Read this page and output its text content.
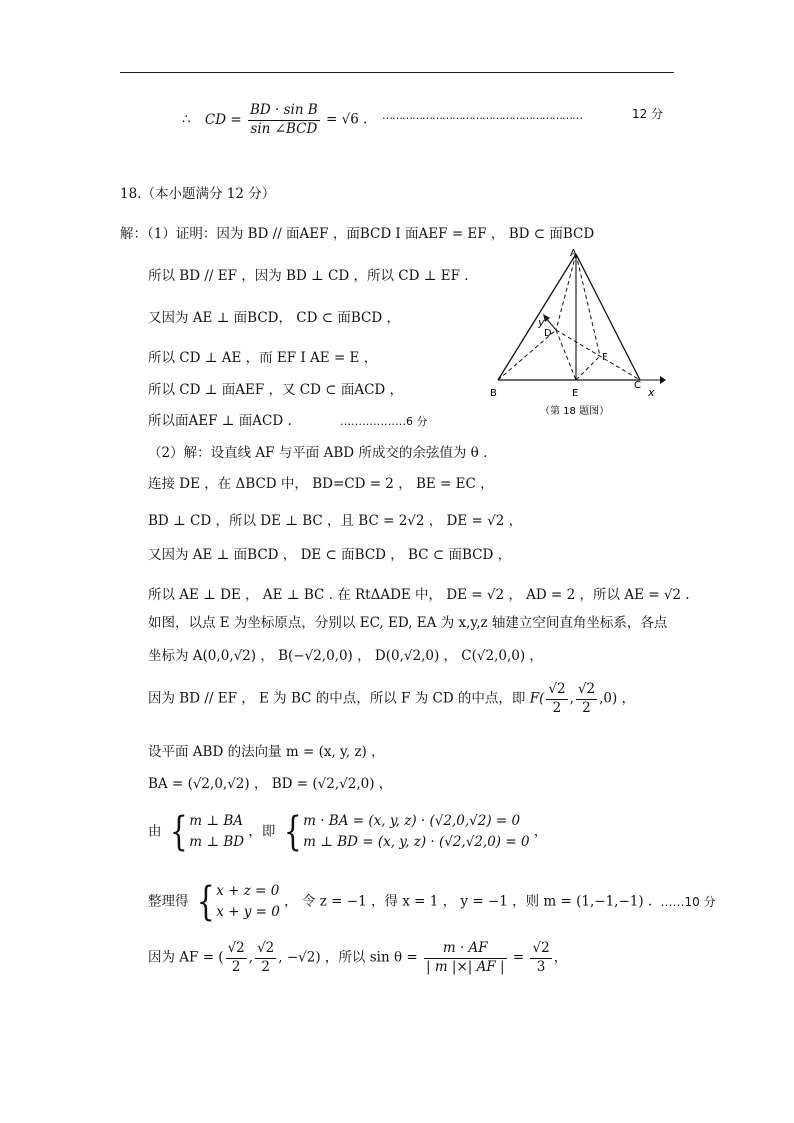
∴ CD = $\frac{\text{BD · sin B}}{\text{sin ∠BCD}} = √6$ . ……………………………………………………	12 分
18.（本小题满分 12 分）
解：（1）证明：因为 BD // 面AEF ，面BCD I 面AEF = EF ， BD ⊂ 面BCD
所以 BD // EF ，因为 BD ⊥ CD ，所以 CD ⊥ EF .
又因为 AE ⊥ 面BCD， CD ⊂ 面BCD ，
所以 CD ⊥ AE ，而 EF I AE = E ，
所以 CD ⊥ 面AEF ，又 CD ⊂ 面ACD ，
所以面AEF ⊥ 面ACD .	………………6 分
A
B
C
D
E
F
x
y
（第 18 题图）
（2）解：设直线 AF 与平面 ABD 所成交的余弦值为 θ .
连接 DE ，在 ΔBCD 中， BD=CD = 2 ， BE = EC ，
BD ⊥ CD ，所以 DE ⊥ BC ，且 BC = 2√2 ， DE = √2 ，
又因为 AE ⊥ 面BCD ， DE ⊂ 面BCD ， BC ⊂ 面BCD ，
所以 AE ⊥ DE ， AE ⊥ BC . 在 RtΔADE 中， DE = √2 ， AD = 2 ，所以 AE = √2 .
如图，以点 E 为坐标原点，分别以 EC, ED, EA 为 x,y,z 轴建立空间直角坐标系，各点
坐标为 A(0,0,√2) ， B(−√2,0,0) ， D(0,√2,0) ， C(√2,0,0) ，
因为 BD // EF ， E 为 BC 的中点，所以 F 为 CD 的中点，即 $F( \frac{√2}{2}$ , $\frac{√2}{2} ,0$) ，
设平面 ABD 的法向量 m = (x, y, z) ，
BA = (√2,0,√2) ， BD = (√2,√2,0) ，
由 { m ⊥ BA
m ⊥ BD
，即 { m · BA = (x, y, z) · (√2,0,√2) = 0
m ⊥ BD = (x, y, z) · (√2,√2,0) = 0
，
整理得 { x + z = 0
x + y = 0
， 令 z = −1 ，得 x = 1 ， y = −1 ，则 m = (1,−1,−1) . ……10 分
因为 AF = ( $\frac{√2}{2}$ , $\frac{√2}{2}$ , −√2) ，所以 $\sin \theta = \frac{m \cdot AF}{| m |\times| AF |} = \frac{√2}{3}$ ，
